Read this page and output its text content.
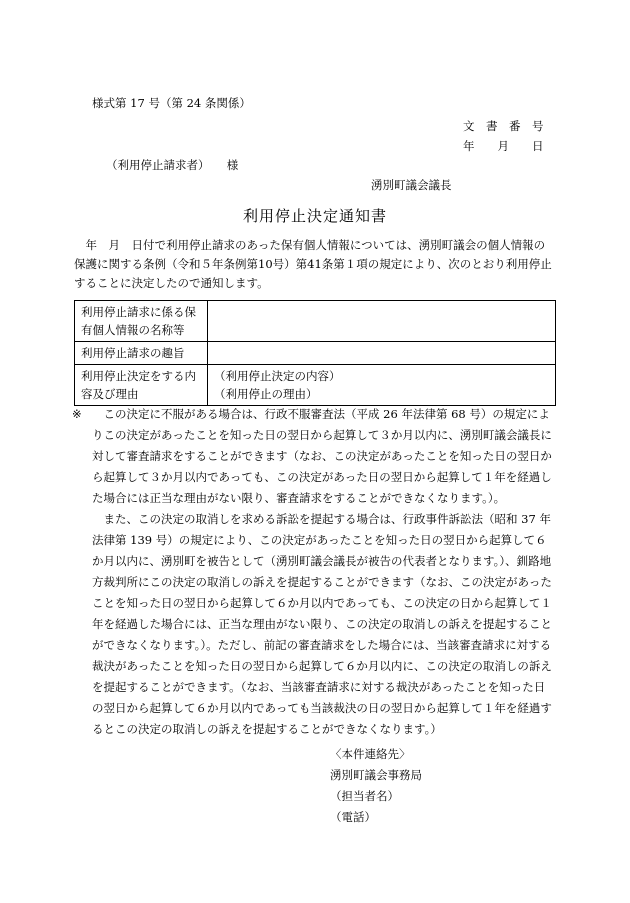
様式第 17 号（第 24 条関係）
文　書　番　号
年　　月　　日
（利用停止請求者）　　様
湧別町議会議長
利用停止決定通知書
　年　月　日付で利用停止請求のあった保有個人情報については、湧別町議会の個人情報の保護に関する条例（令和５年条例第10号）第41条第１項の規定により、次のとおり利用停止することに決定したので通知します。
利用停止請求に係る保有個人情報の名称等	
利用停止請求の趣旨	
利用停止決定をする内容及び理由	（利用停止決定の内容）
（利用停止の理由）
※	この決定に不服がある場合は、行政不服審査法（平成 26 年法律第 68 号）の規定によりこの決定があったことを知った日の翌日から起算して３か月以内に、湧別町議会議長に対して審査請求をすることができます（なお、この決定があったことを知った日の翌日から起算して３か月以内であっても、この決定があった日の翌日から起算して１年を経過した場合には正当な理由がない限り、審査請求をすることができなくなります。）。

また、この決定の取消しを求める訴訟を提起する場合は、行政事件訴訟法（昭和 37 年法律第 139 号）の規定により、この決定があったことを知った日の翌日から起算して６か月以内に、湧別町を被告として（湧別町議会議長が被告の代表者となります。）、釧路地方裁判所にこの決定の取消しの訴えを提起することができます（なお、この決定があったことを知った日の翌日から起算して６か月以内であっても、この決定の日から起算して１年を経過した場合には、正当な理由がない限り、この決定の取消しの訴えを提起することができなくなります。）。ただし、前記の審査請求をした場合には、当該審査請求に対する裁決があったことを知った日の翌日から起算して６か月以内に、この決定の取消しの訴えを提起することができます。（なお、当該審査請求に対する裁決があったことを知った日の翌日から起算して６か月以内であっても当該裁決の日の翌日から起算して１年を経過するとこの決定の取消しの訴えを提起することができなくなります。）

〈本件連絡先〉
湧別町議会事務局
（担当者名）
（電話）
